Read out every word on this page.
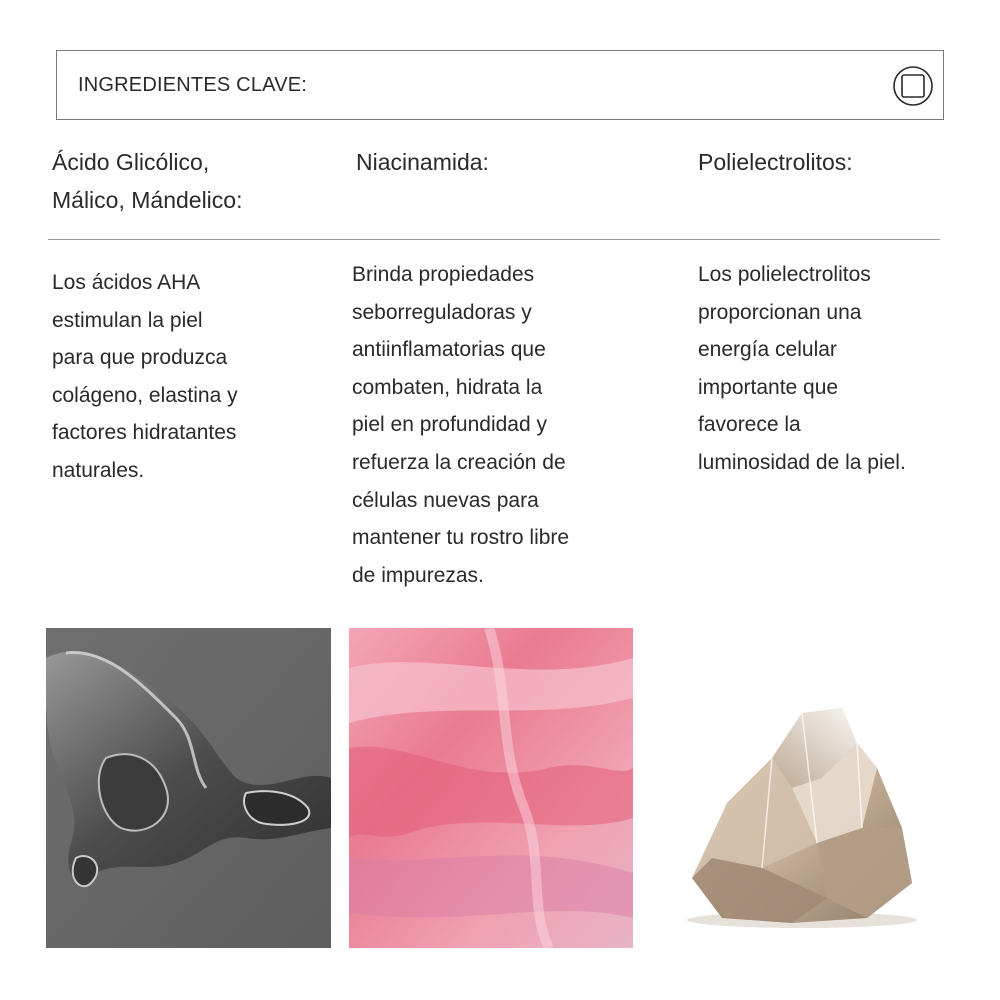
INGREDIENTES CLAVE:

Ácido Glicólico,

Málico, Mándelico:

Niacinamida:	Polielectrolitos:

Los ácidos AHA

estimulan la piel

para que produzca

colágeno, elastina y

factores hidratantes

naturales.

Brinda propiedades

seborreguladoras y

antiinflamatorias que

combaten, hidrata la

piel en profundidad y

refuerza la creación de

células nuevas para

mantener tu rostro libre

de impurezas.

Los polielectrolitos

proporcionan una

energía celular

importante que

favorece la

luminosidad de la piel.
